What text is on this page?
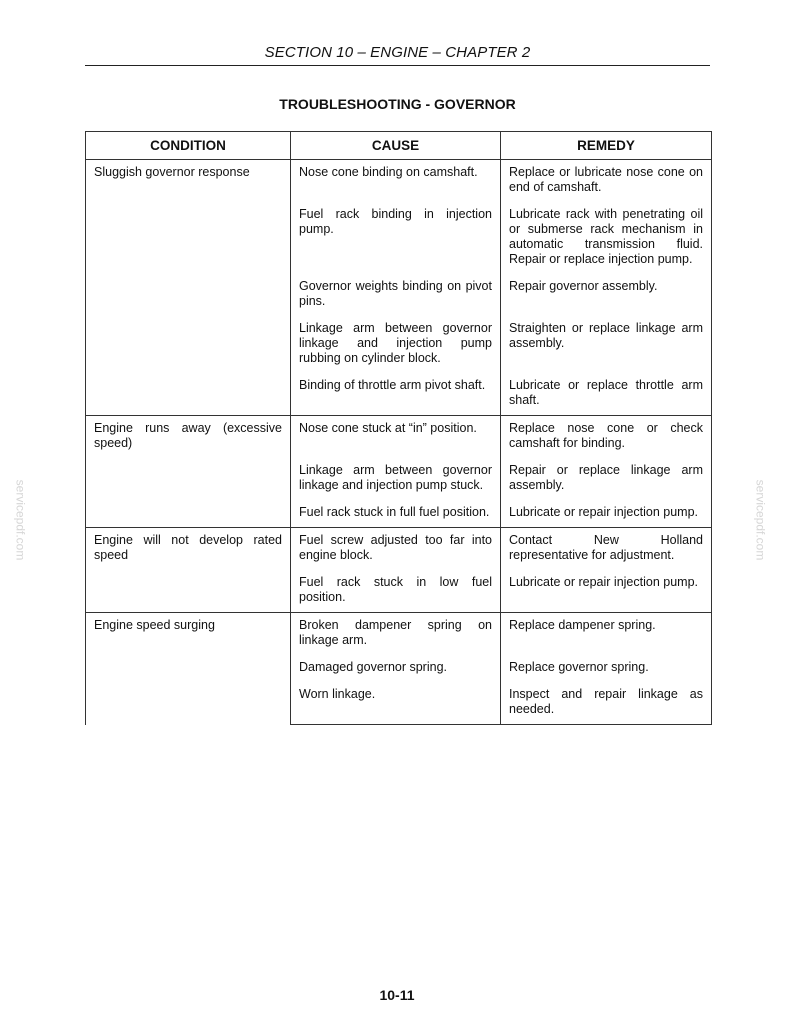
SECTION 10 – ENGINE – CHAPTER 2
TROUBLESHOOTING - GOVERNOR
CONDITION	CAUSE	REMEDY

Sluggish governor response	Nose cone binding on camshaft.	Replace or lubricate nose cone on end of camshaft.

	Fuel rack binding in injection pump.	Lubricate rack with penetrating oil or submerse rack mechanism in automatic transmission fluid. Repair or replace injection pump.

	Governor weights binding on pivot pins.	Repair governor assembly.

	Linkage arm between governor linkage and injection pump rubbing on cylinder block.	Straighten or replace linkage arm assembly.

	Binding of throttle arm pivot shaft.	Lubricate or replace throttle arm shaft.

Engine runs away (excessive speed)	Nose cone stuck at “in” position.	Replace nose cone or check camshaft for binding.

	Linkage arm between governor linkage and injection pump stuck.	Repair or replace linkage arm assembly.

	Fuel rack stuck in full fuel position.	Lubricate or repair injection pump.

Engine will not develop rated speed	Fuel screw adjusted too far into engine block.	Contact New Holland representative for adjustment.

	Fuel rack stuck in low fuel position.	Lubricate or repair injection pump.

Engine speed surging	Broken dampener spring on linkage arm.	Replace dampener spring.

	Damaged governor spring.	Replace governor spring.

	Worn linkage.	Inspect and repair linkage as needed.

servicepdf.com	servicepdf.com
10-11
